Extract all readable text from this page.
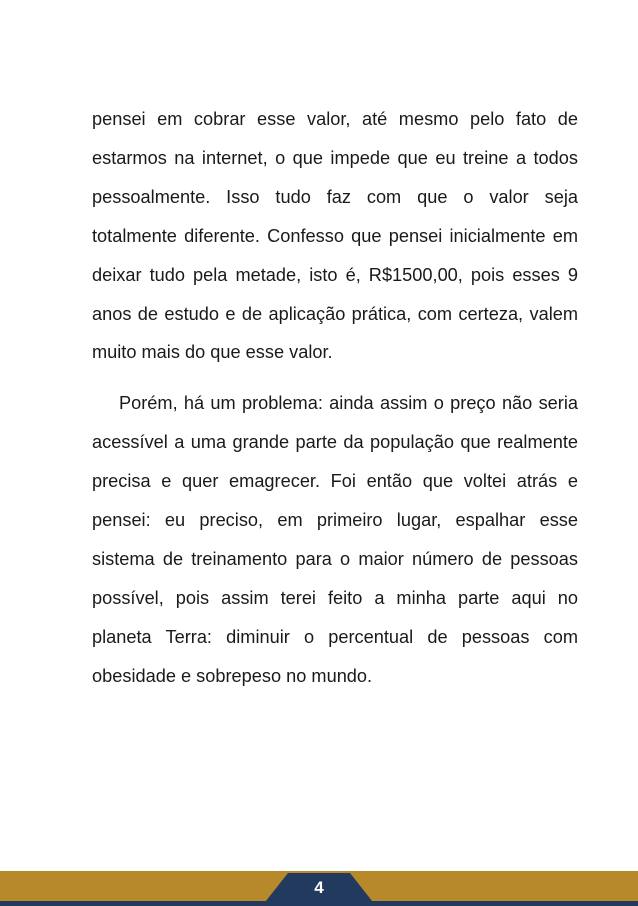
pensei em cobrar esse valor, até mesmo pelo fato de estarmos na internet, o que impede que eu treine a todos pessoalmente. Isso tudo faz com que o valor seja totalmente diferente. Confesso que pensei inicialmente em deixar tudo pela metade, isto é, R$1500,00, pois esses 9 anos de estudo e de aplicação prática, com certeza, valem muito mais do que esse valor.

Porém, há um problema: ainda assim o preço não seria acessível a uma grande parte da população que realmente precisa e quer emagrecer. Foi então que voltei atrás e pensei: eu preciso, em primeiro lugar, espalhar esse sistema de treinamento para o maior número de pessoas possível, pois assim terei feito a minha parte aqui no planeta Terra: diminuir o percentual de pessoas com obesidade e sobrepeso no mundo.

4
